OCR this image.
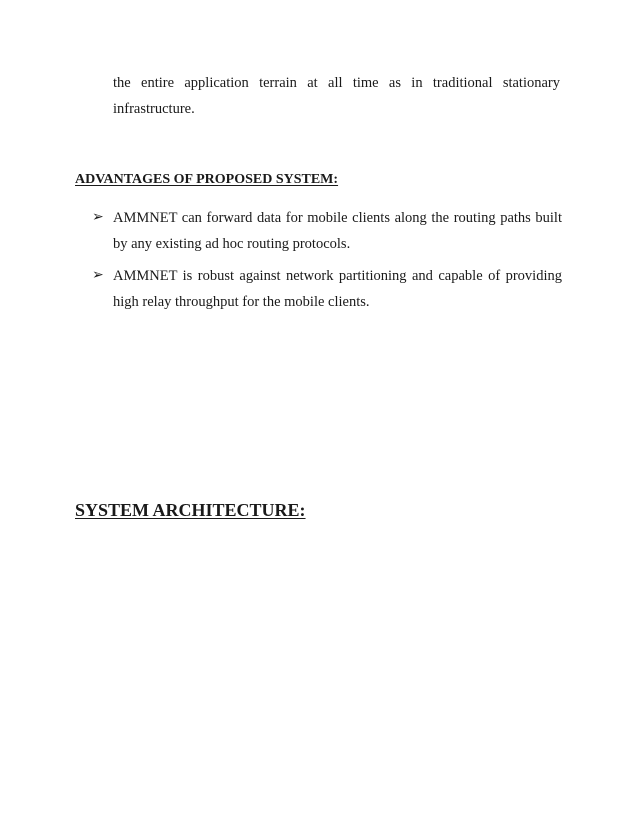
the entire application terrain at all time as in traditional stationary
infrastructure.
ADVANTAGES OF PROPOSED SYSTEM:
➢ AMMNET can forward data for mobile clients along the routing paths built
by any existing ad hoc routing protocols.
➢ AMMNET is robust against network partitioning and capable of providing
high relay throughput for the mobile clients.
SYSTEM ARCHITECTURE:
